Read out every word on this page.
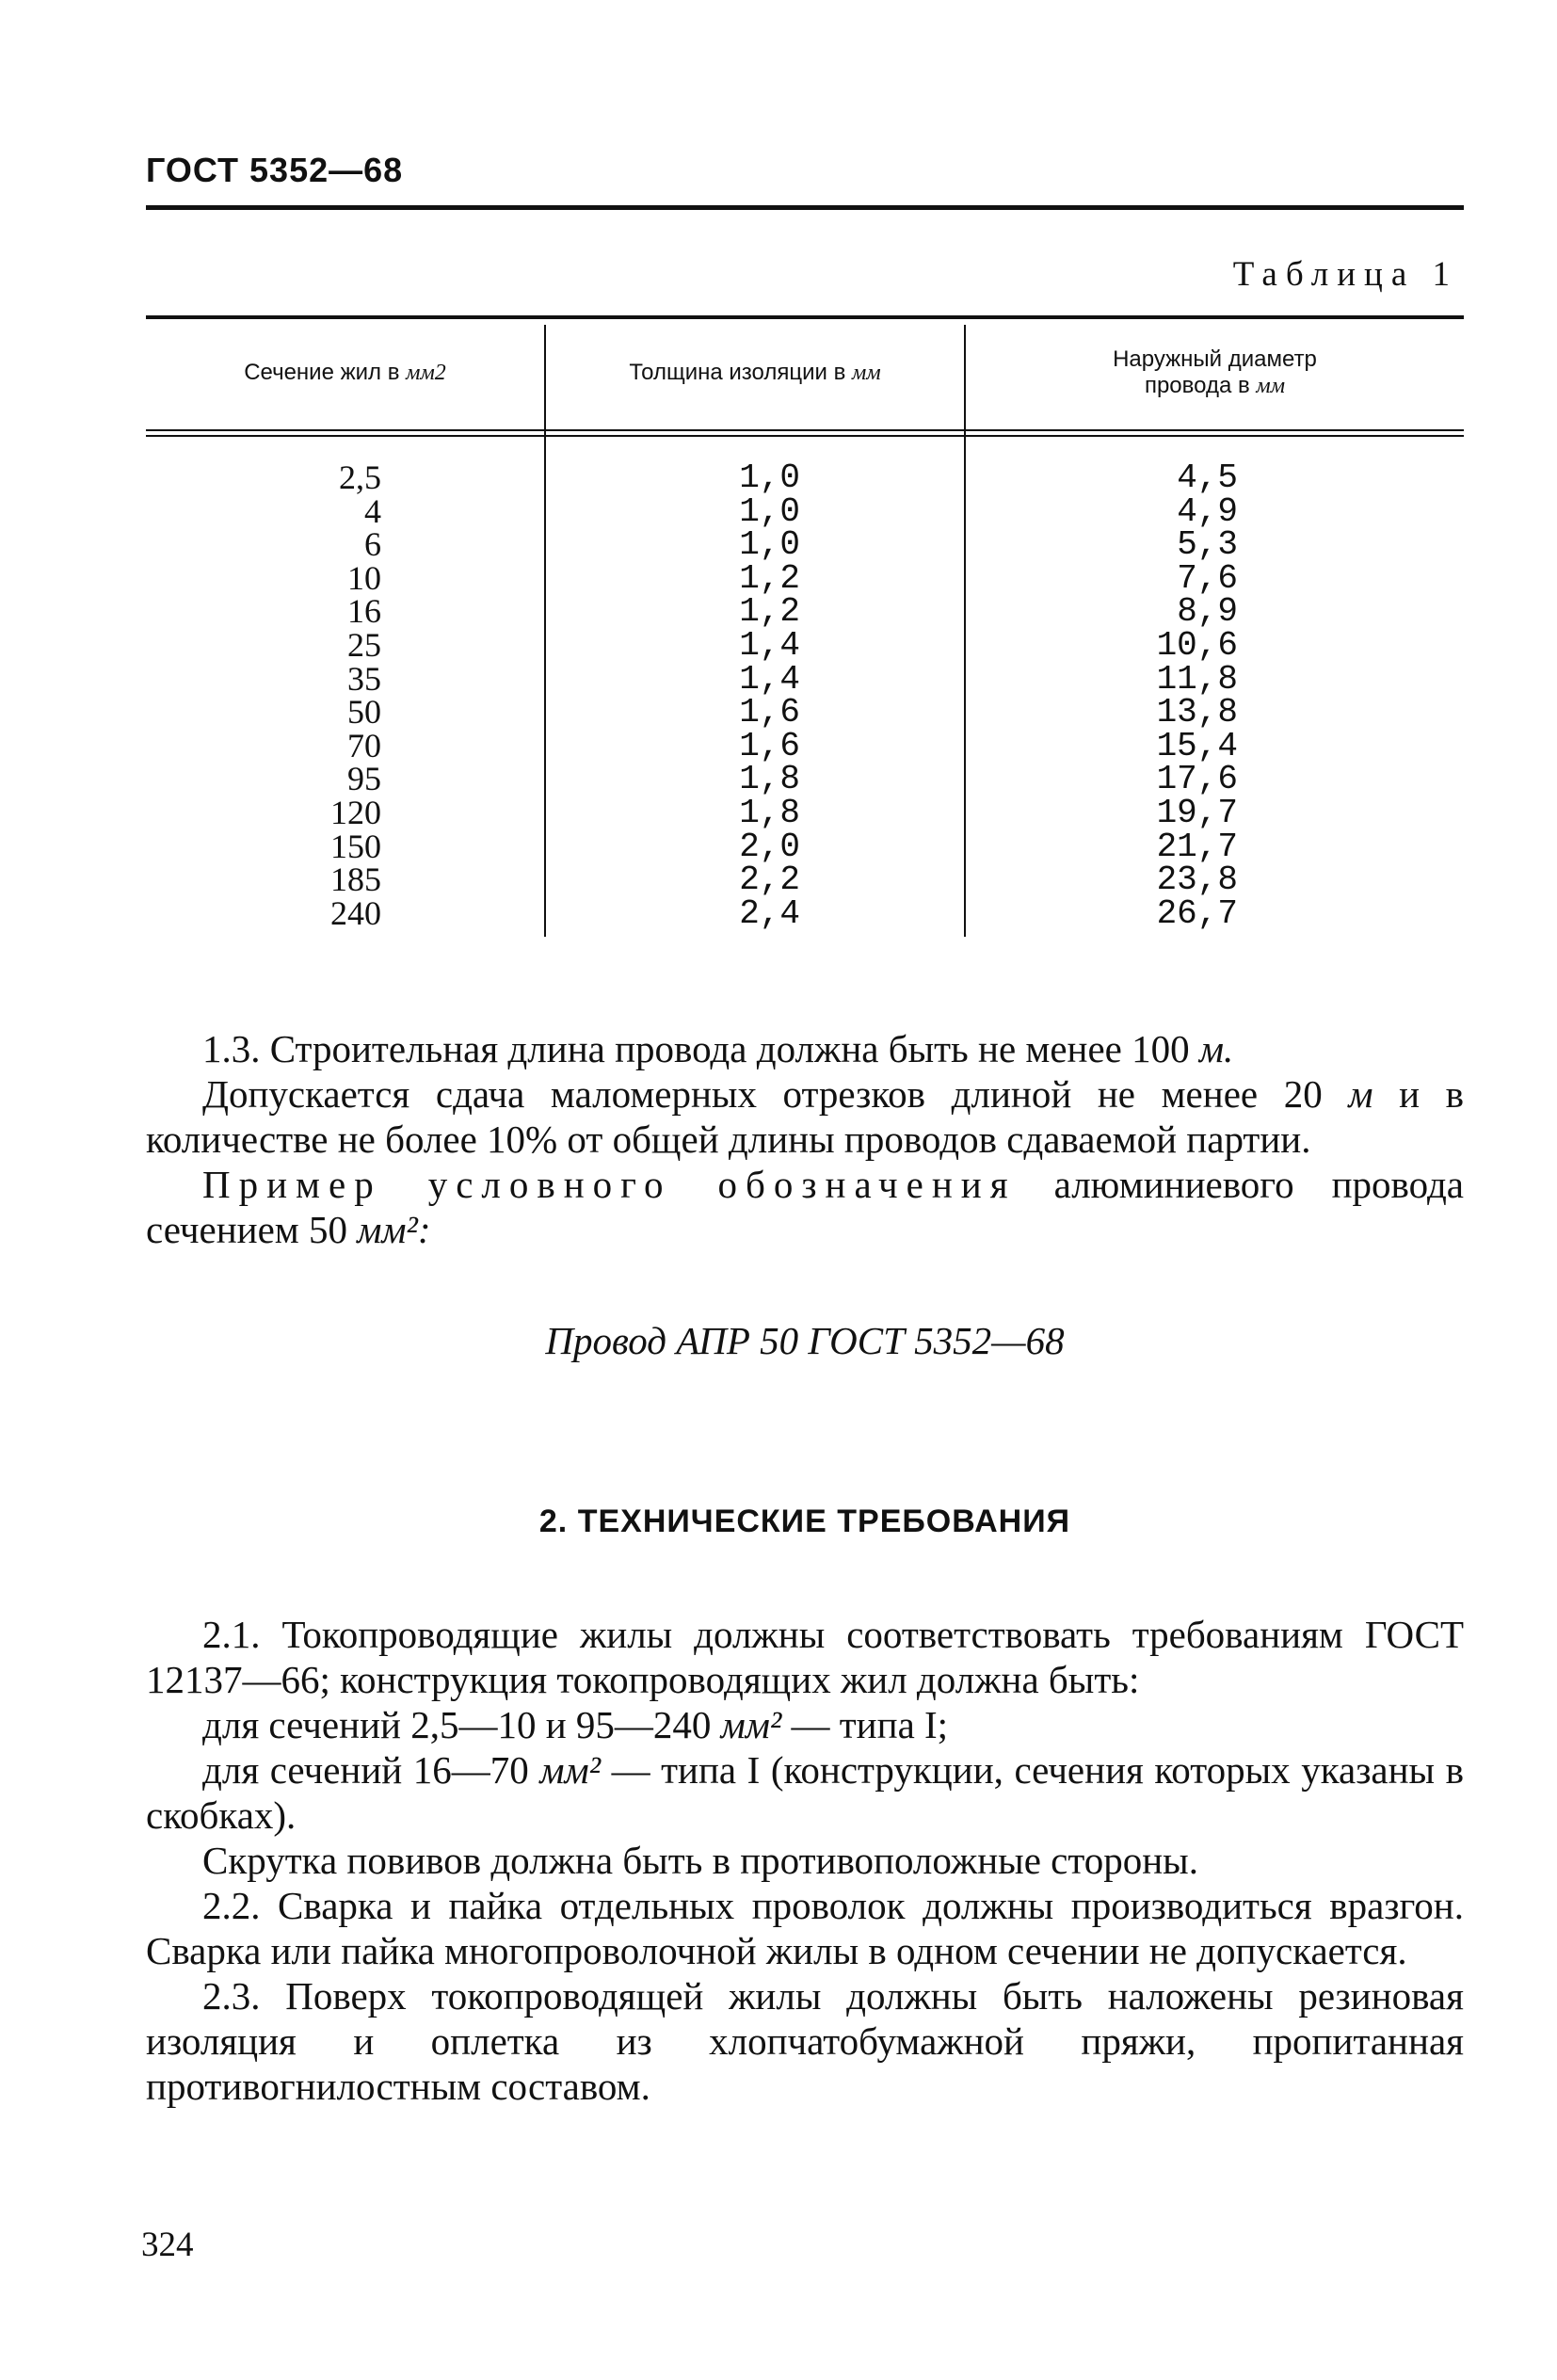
ГОСТ 5352—68
Таблица 1
Сечение жил в мм2	Толщина изоляции в мм
Наружный диаметр провода в мм
2,5
4
6
10
16
25
35
50
70
95
120
150
185
240
1,0
1,0
1,0
1,2
1,2
1,4
1,4
1,6
1,6
1,8
1,8
2,0
2,2
2,4
4,5
4,9
5,3
7,6
8,9
10,6
11,8
13,8
15,4
17,6
19,7
21,7
23,8
26,7

1.3. Строительная длина провода должна быть не менее 100 м.

Допускается сдача маломерных отрезков длиной не менее 20 м и в количестве не более 10% от общей длины проводов сдаваемой партии.

Пример условного обозначения алюминиевого провода сечением 50 мм²:

Провод АПР 50 ГОСТ 5352—68
2. ТЕХНИЧЕСКИЕ ТРЕБОВАНИЯ

2.1. Токопроводящие жилы должны соответствовать требованиям ГОСТ 12137—66; конструкция токопроводящих жил должна быть:

для сечений 2,5—10 и 95—240 мм² — типа I;

для сечений 16—70 мм² — типа I (конструкции, сечения которых указаны в скобках).

Скрутка повивов должна быть в противоположные стороны.

2.2. Сварка и пайка отдельных проволок должны производиться вразгон. Сварка или пайка многопроволочной жилы в одном сечении не допускается.

2.3. Поверх токопроводящей жилы должны быть наложены резиновая изоляция и оплетка из хлопчатобумажной пряжи, пропитанная противогнилостным составом.

324
